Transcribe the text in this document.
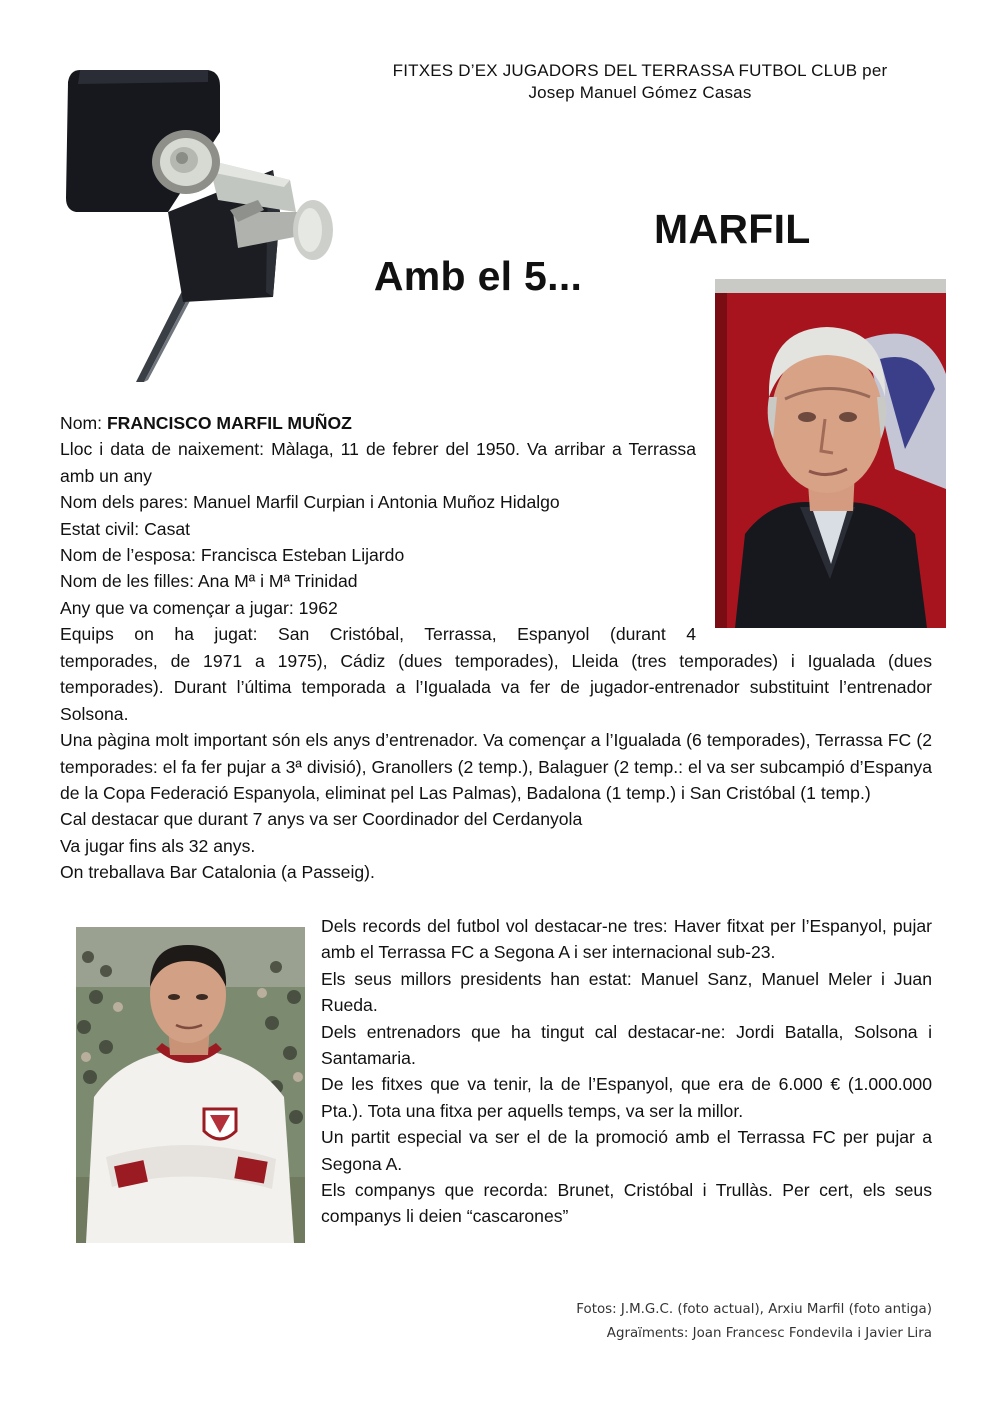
FITXES D’EX JUGADORS DEL TERRASSA FUTBOL CLUB per
Josep Manuel Gómez Casas

Amb el 5...

MARFIL

Nom: FRANCISCO MARFIL MUÑOZ

Lloc i data de naixement: Màlaga, 11 de febrer del 1950. Va arribar a Terrassa amb un any

Nom dels pares: Manuel Marfil Curpian i Antonia Muñoz Hidalgo

Estat civil: Casat

Nom de l’esposa: Francisca Esteban Lijardo

Nom de les filles: Ana Mª i Mª Trinidad

Any que va començar a jugar: 1962

Equips on ha jugat: San Cristóbal, Terrassa, Espanyol (durant 4

temporades, de 1971 a 1975), Cádiz (dues temporades), Lleida (tres temporades) i Igualada (dues temporades). Durant l’última temporada a l’Igualada va fer de jugador-entrenador substituint l’entrenador Solsona.

Una pàgina molt important són els anys d’entrenador. Va començar a l’Igualada (6 temporades), Terrassa FC (2 temporades: el fa fer pujar a 3ª divisió), Granollers (2 temp.), Balaguer (2 temp.: el va ser subcampió d’Espanya de la Copa Federació Espanyola, eliminat pel Las Palmas), Badalona (1 temp.) i San Cristóbal (1 temp.)

Cal destacar que durant 7 anys va ser Coordinador del Cerdanyola

Va jugar fins als 32 anys.

On treballava Bar Catalonia (a Passeig).

Dels records del futbol vol destacar-ne tres: Haver fitxat per l’Espanyol, pujar amb el Terrassa FC a Segona A i ser internacional sub-23.

Els seus millors presidents han estat: Manuel Sanz, Manuel Meler i Juan Rueda.

Dels entrenadors que ha tingut cal destacar-ne: Jordi Batalla, Solsona i Santamaria.

De les fitxes que va tenir, la de l’Espanyol, que era de 6.000 € (1.000.000 Pta.). Tota una fitxa per aquells temps, va ser la millor.

Un partit especial va ser el de la promoció amb el Terrassa FC per pujar a Segona A.

Els companys que recorda: Brunet, Cristóbal i Trullàs. Per cert, els seus companys li deien “cascarones”

Fotos: J.M.G.C. (foto actual), Arxiu Marfil (foto antiga)
Agraïments: Joan Francesc Fondevila i Javier Lira
